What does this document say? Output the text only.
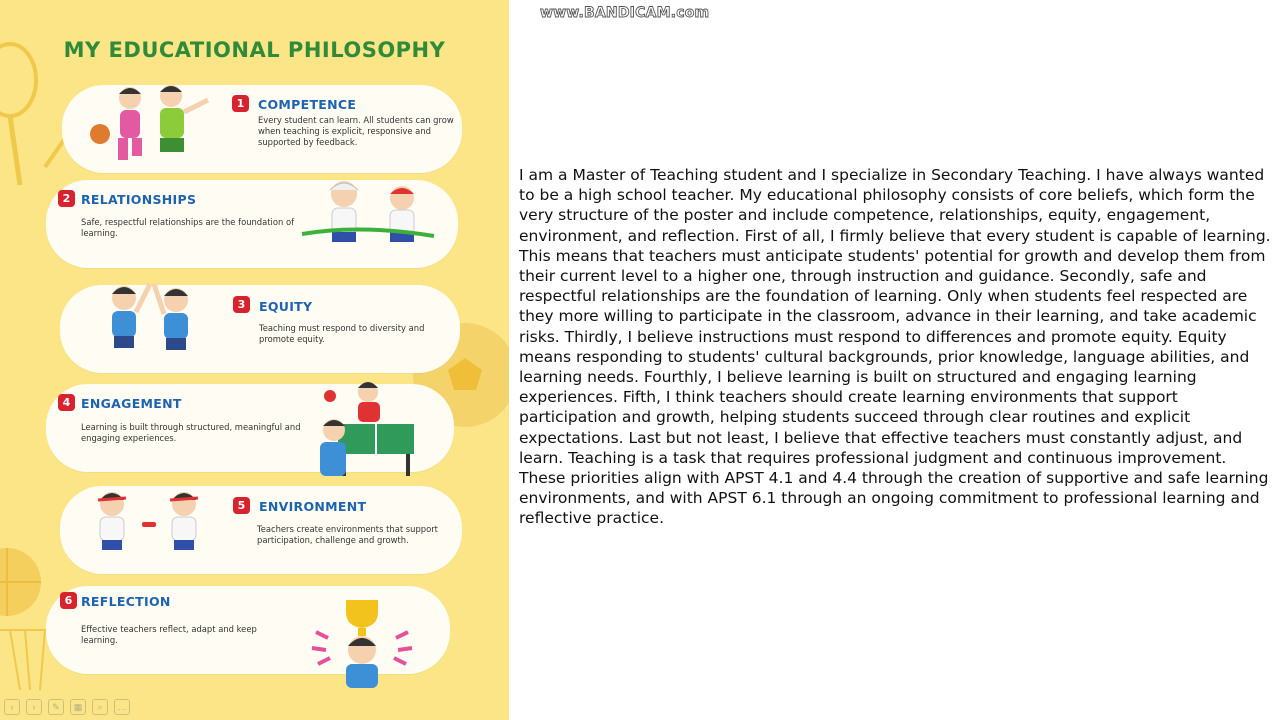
MY EDUCATIONAL PHILOSOPHY
1	COMPETENCE
Every student can learn. All students can grow when teaching is explicit, responsive and supported by feedback.
2 RELATIONSHIPS
Safe, respectful relationships are the foundation of learning.
3	EQUITY
Teaching must respond to diversity and promote equity.
4 ENGAGEMENT
Learning is built through structured, meaningful and engaging experiences.
5	ENVIRONMENT
Teachers create environments that support participation, challenge and growth.
6 REFLECTION
Effective teachers reflect, adapt and keep learning.
‹	›	✎	▦	⌕	…
www.BANDICAM.com
I am a Master of Teaching student and I specialize in Secondary Teaching. I have always wanted to be a high school teacher. My educational philosophy consists of core beliefs, which form the very structure of the poster and include competence, relationships, equity, engagement, environment, and reflection. First of all, I firmly believe that every student is capable of learning. This means that teachers must anticipate students' potential for growth and develop them from their current level to a higher one, through instruction and guidance. Secondly, safe and respectful relationships are the foundation of learning. Only when students feel respected are they more willing to participate in the classroom, advance in their learning, and take academic risks. Thirdly, I believe instructions must respond to differences and promote equity. Equity means responding to students' cultural backgrounds, prior knowledge, language abilities, and learning needs. Fourthly, I believe learning is built on structured and engaging learning experiences. Fifth, I think teachers should create learning environments that support participation and growth, helping students succeed through clear routines and explicit expectations. Last but not least, I believe that effective teachers must constantly adjust, and learn. Teaching is a task that requires professional judgment and continuous improvement. These priorities align with APST 4.1 and 4.4 through the creation of supportive and safe learning environments, and with APST 6.1 through an ongoing commitment to professional learning and reflective practice.
